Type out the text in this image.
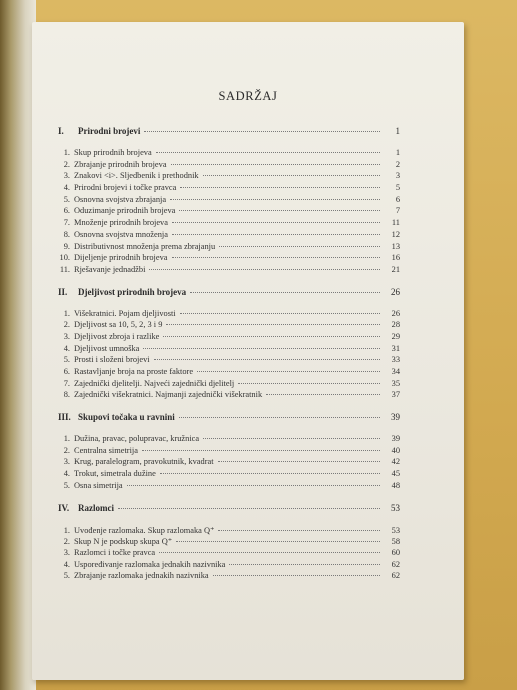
SADRŽAJ
I.	Prirodni brojevi	1
1. Skup prirodnih brojeva	1
2. Zbrajanje prirodnih brojeva	2
3. Znakovi <i>. Sljedbenik i prethodnik	3
4. Prirodni brojevi i točke pravca	5
5. Osnovna svojstva zbrajanja	6
6. Oduzimanje prirodnih brojeva	7
7. Množenje prirodnih brojeva	11
8. Osnovna svojstva množenja	12
9. Distributivnost množenja prema zbrajanju	13
10. Dijeljenje prirodnih brojeva	16
11. Rješavanje jednadžbi	21
II.	Djeljivost prirodnih brojeva	26
1. Višekratnici. Pojam djeljivosti	26
2. Djeljivost sa 10, 5, 2, 3 i 9	28
3. Djeljivost zbroja i razlike	29
4. Djeljivost umnoška	31
5. Prosti i složeni brojevi	33
6. Rastavljanje broja na proste faktore	34
7. Zajednički djelitelji. Najveći zajednički djelitelj	35
8. Zajednički višekratnici. Najmanji zajednički višekratnik	37
III. Skupovi točaka u ravnini	39
1. Dužina, pravac, polupravac, kružnica	39
2. Centralna simetrija	40
3. Krug, paralelogram, pravokutnik, kvadrat	42
4. Trokut, simetrala dužine	45
5. Osna simetrija	48
IV. Razlomci	53
1. Uvođenje razlomaka. Skup razlomaka Q⁺	53
2. Skup N je podskup skupa Q⁺	58
3. Razlomci i točke pravca	60
4. Uspoređivanje razlomaka jednakih nazivnika	62
5. Zbrajanje razlomaka jednakih nazivnika	62
